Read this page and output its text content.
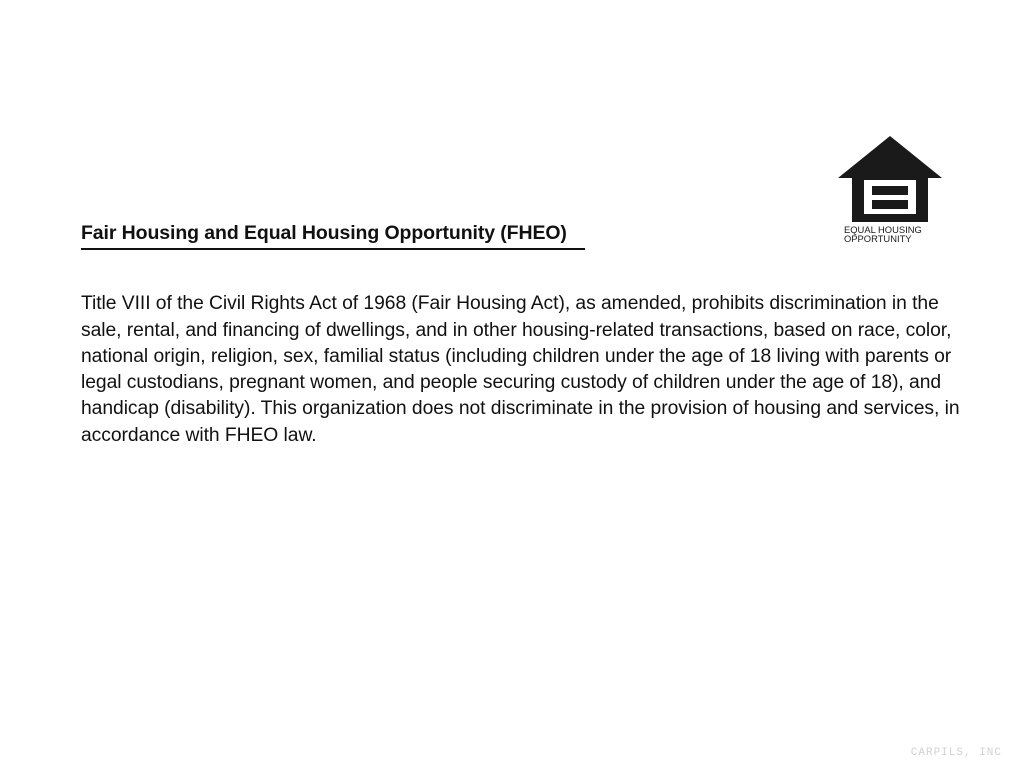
EQUAL HOUSING
OPPORTUNITY
Fair Housing and Equal Housing Opportunity (FHEO)

Title VIII of the Civil Rights Act of 1968 (Fair Housing Act), as amended, prohibits discrimination in the sale, rental, and financing of dwellings, and in other housing-related transactions, based on race, color, national origin, religion, sex, familial status (including children under the age of 18 living with parents or legal custodians, pregnant women, and people securing custody of children under the age of 18), and handicap (disability). This organization does not discriminate in the provision of housing and services, in accordance with FHEO law.

CARPILS, INC
